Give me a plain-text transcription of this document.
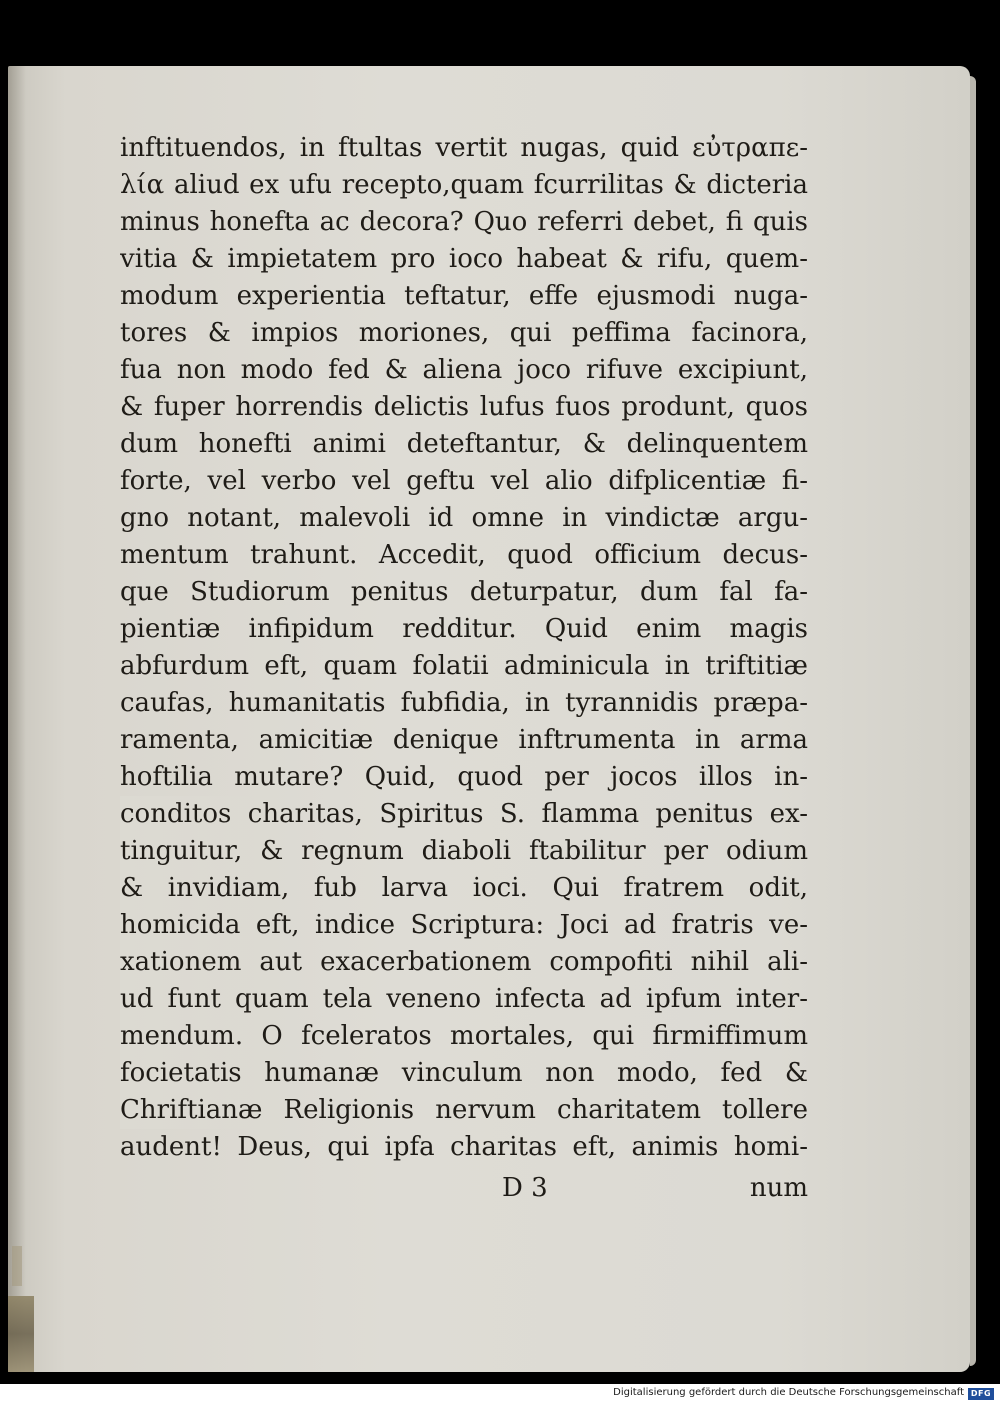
inftituendos, in ftultas vertit nugas, quid εὐτραπε-
λία aliud ex ufu recepto,quam fcurrilitas & dicteria
minus honefta ac decora? Quo referri debet, fi quis
vitia & impietatem pro ioco habeat & rifu, quem-
modum experientia teftatur, effe ejusmodi nuga-
tores & impios moriones, qui peffima facinora,
fua non modo fed & aliena joco rifuve excipiunt,
& fuper horrendis delictis lufus fuos produnt, quos
dum honefti animi deteftantur, & delinquentem
forte, vel verbo vel geftu vel alio difplicentiæ fi-
gno notant, malevoli id omne in vindictæ argu-
mentum trahunt. Accedit, quod officium decus-
que Studiorum penitus deturpatur, dum fal fa-
pientiæ infipidum redditur. Quid enim magis
abfurdum eft, quam folatii adminicula in triftitiæ
caufas, humanitatis fubfidia, in tyrannidis præpa-
ramenta, amicitiæ denique inftrumenta in arma
hoftilia mutare? Quid, quod per jocos illos in-
conditos charitas, Spiritus S. flamma penitus ex-
tinguitur, & regnum diaboli ftabilitur per odium
& invidiam, fub larva ioci. Qui fratrem odit,
homicida eft, indice Scriptura: Joci ad fratris ve-
xationem aut exacerbationem compofiti nihil ali-
ud funt quam tela veneno infecta ad ipfum inter-
mendum. O fceleratos mortales, qui firmiffimum
focietatis humanæ vinculum non modo, fed &
Chriftianæ Religionis nervum charitatem tollere
audent! Deus, qui ipfa charitas eft, animis homi-
D 3	num
Digitalisierung gefördert durch die Deutsche Forschungsgemeinschaft DFG
